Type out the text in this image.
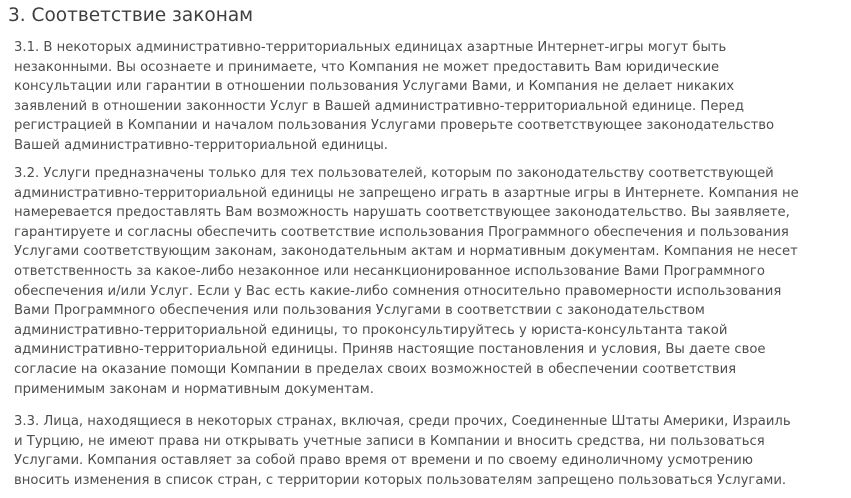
3. Соответствие законам

3.1. В некоторых административно-территориальных единицах азартные Интернет-игры могут быть
незаконными. Вы осознаете и принимаете, что Компания не может предоставить Вам юридические
консультации или гарантии в отношении пользования Услугами Вами, и Компания не делает никаких
заявлений в отношении законности Услуг в Вашей административно-территориальной единице. Перед
регистрацией в Компании и началом пользования Услугами проверьте соответствующее законодательство
Вашей административно-территориальной единицы.

3.2. Услуги предназначены только для тех пользователей, которым по законодательству соответствующей
административно-территориальной единицы не запрещено играть в азартные игры в Интернете. Компания не
намеревается предоставлять Вам возможность нарушать соответствующее законодательство. Вы заявляете,
гарантируете и согласны обеспечить соответствие использования Программного обеспечения и пользования
Услугами соответствующим законам, законодательным актам и нормативным документам. Компания не несет
ответственность за какое-либо незаконное или несанкционированное использование Вами Программного
обеспечения и/или Услуг. Если у Вас есть какие-либо сомнения относительно правомерности использования
Вами Программного обеспечения или пользования Услугами в соответствии с законодательством
административно-территориальной единицы, то проконсультируйтесь у юриста-консультанта такой
административно-территориальной единицы. Приняв настоящие постановления и условия, Вы даете свое
согласие на оказание помощи Компании в пределах своих возможностей в обеспечении соответствия
применимым законам и нормативным документам.

3.3. Лица, находящиеся в некоторых странах, включая, среди прочих, Соединенные Штаты Америки, Израиль
и Турцию, не имеют права ни открывать учетные записи в Компании и вносить средства, ни пользоваться
Услугами. Компания оставляет за собой право время от времени и по своему единоличному усмотрению
вносить изменения в список стран, с территории которых пользователям запрещено пользоваться Услугами.
